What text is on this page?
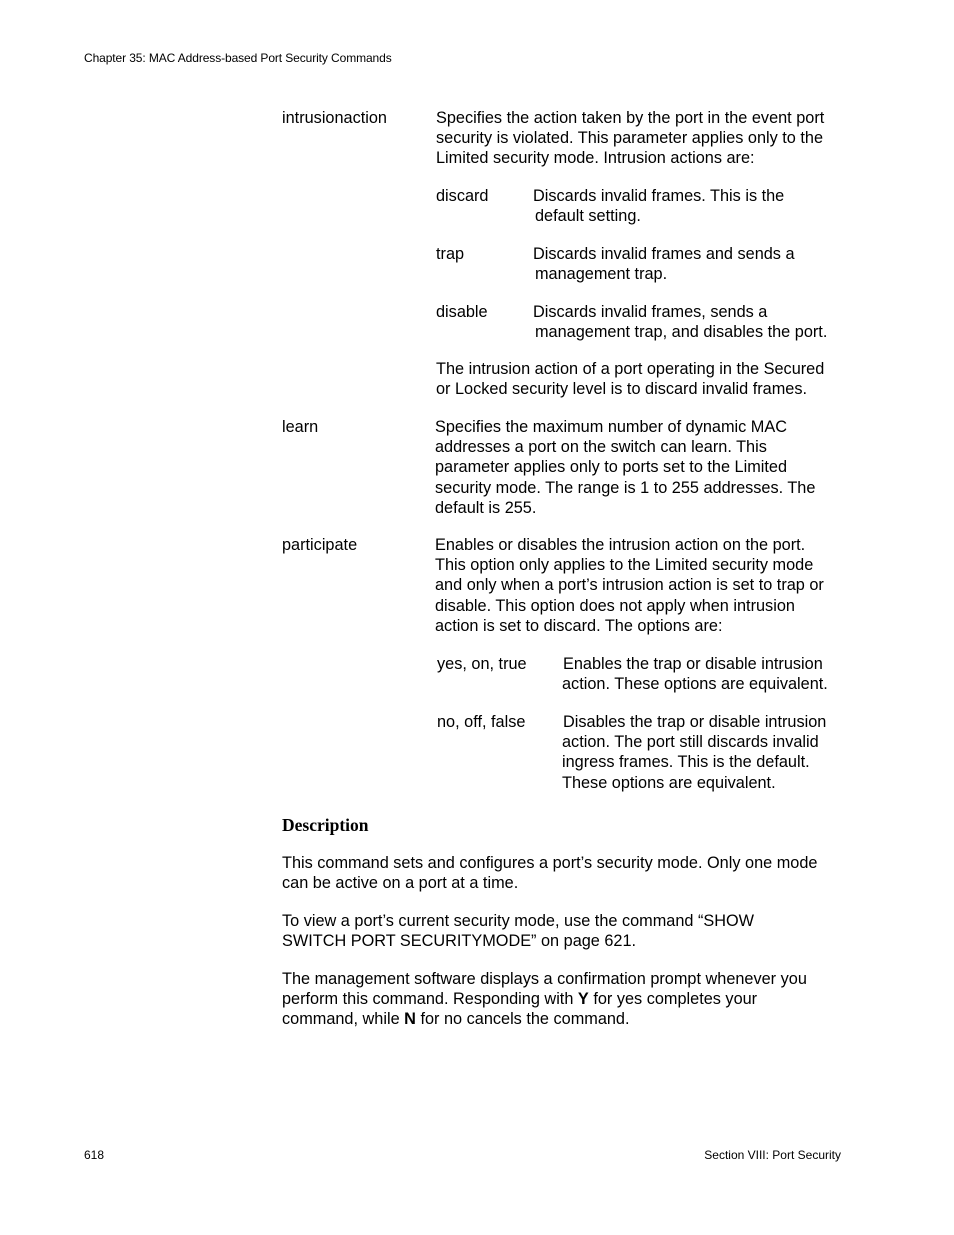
Chapter 35: MAC Address-based Port Security Commands
intrusionaction	Specifies the action taken by the port in the event port
security is violated. This parameter applies only to the
Limited security mode. Intrusion actions are:
discard	Discards invalid frames. This is the
default setting.
trap	Discards invalid frames and sends a
management trap.
disable	Discards invalid frames, sends a
management trap, and disables the port.
The intrusion action of a port operating in the Secured
or Locked security level is to discard invalid frames.
learn	Specifies the maximum number of dynamic MAC
addresses a port on the switch can learn. This
parameter applies only to ports set to the Limited
security mode. The range is 1 to 255 addresses. The
default is 255.
participate	Enables or disables the intrusion action on the port.
This option only applies to the Limited security mode
and only when a port’s intrusion action is set to trap or
disable. This option does not apply when intrusion
action is set to discard. The options are:
yes, on, true Enables the trap or disable intrusion
action. These options are equivalent.
no, off, false Disables the trap or disable intrusion
action. The port still discards invalid
ingress frames. This is the default.
These options are equivalent.
Description
This command sets and configures a port’s security mode. Only one mode
can be active on a port at a time.
To view a port’s current security mode, use the command “SHOW
SWITCH PORT SECURITYMODE” on page 621.
The management software displays a confirmation prompt whenever you
perform this command. Responding with Y for yes completes your
command, while N for no cancels the command.
618	Section VIII: Port Security
